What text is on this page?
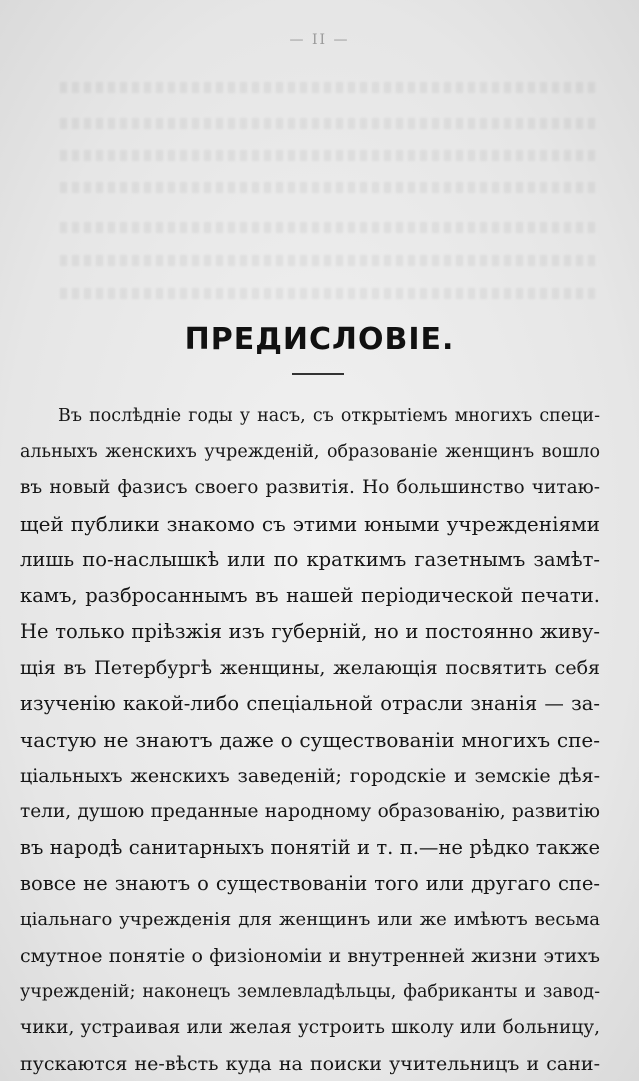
— II —
ПРЕДИСЛОВІЕ.
Въ послѣдніе годы у насъ, съ открытіемъ многихъ специ-
альныхъ женскихъ учрежденій, образованіе женщинъ вошло
въ новый фазисъ своего развитія. Но большинство читаю-
щей публики знакомо съ этими юными учрежденіями
лишь по-наслышкѣ или по краткимъ газетнымъ замѣт-
камъ, разбросаннымъ въ нашей періодической печати.
Не только пріѣзжія изъ губерній, но и постоянно живу-
щія въ Петербургѣ женщины, желающія посвятить себя
изученію какой-либо спеціальной отрасли знанія — за-
частую не знаютъ даже о существованіи многихъ спе-
ціальныхъ женскихъ заведеній; городскіе и земскіе дѣя-
тели, душою преданные народному образованію, развитію
въ народѣ санитарныхъ понятій и т. п.—не рѣдко также
вовсе не знаютъ о существованіи того или другаго спе-
ціальнаго учрежденія для женщинъ или же имѣютъ весьма
смутное понятіе о физіономіи и внутренней жизни этихъ
учрежденій; наконецъ землевладѣльцы, фабриканты и завод-
чики, устраивая или желая устроить школу или больницу,
пускаются не-вѣсть куда на поиски учительницъ и сани-
